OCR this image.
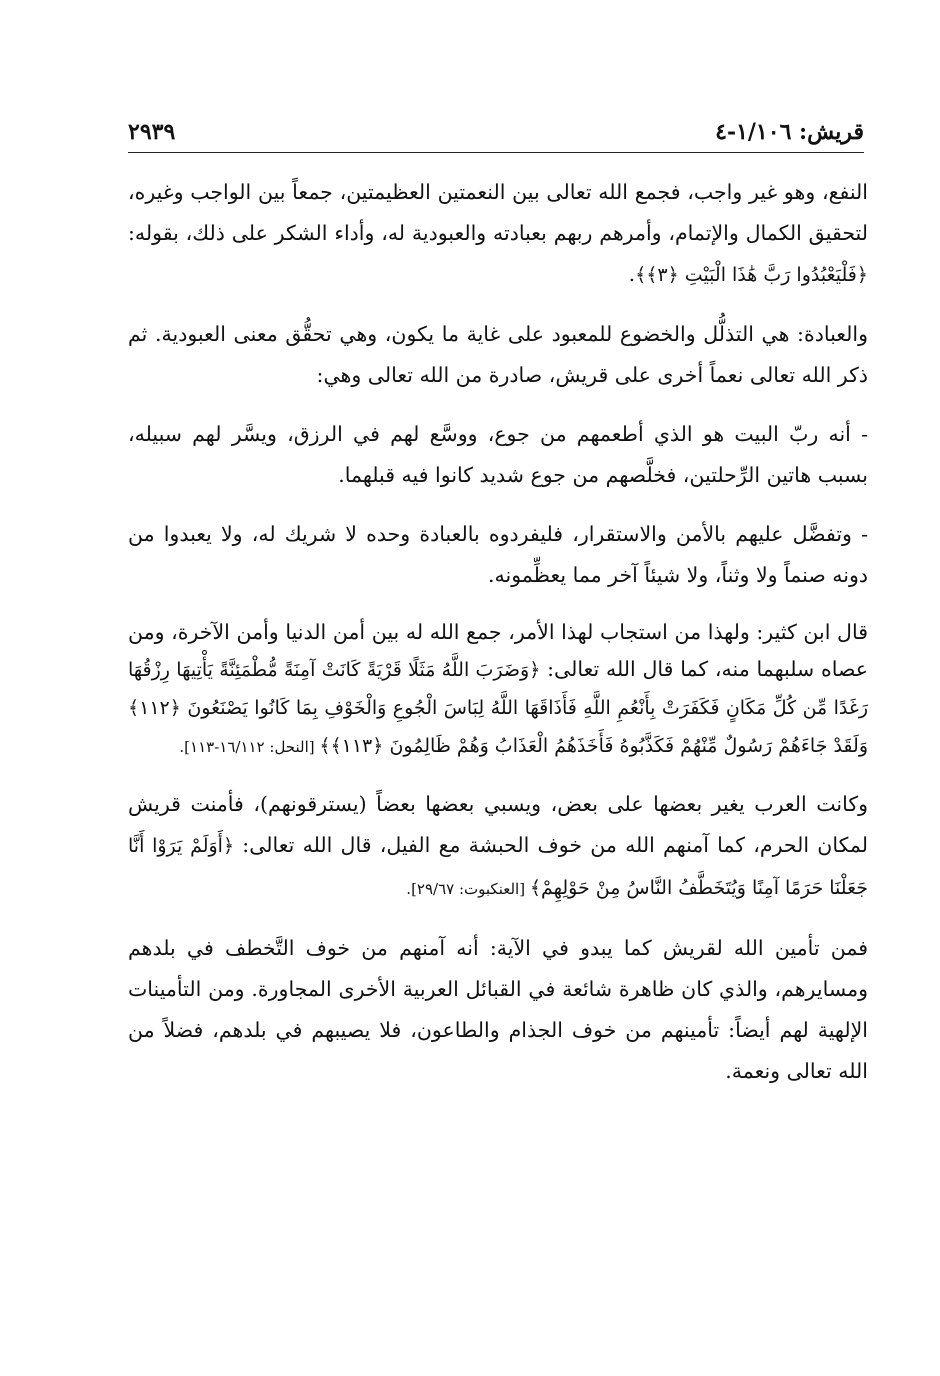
قريش: ١/١٠٦-٤
٢٩٣٩

النفع، وهو غير واجب، فجمع الله تعالى بين النعمتين العظيمتين، جمعاً بين الواجب وغيره، لتحقيق الكمال والإتمام، وأمرهم ربهم بعبادته والعبودية له، وأداء الشكر على ذلك، بقوله: ﴿فَلْيَعْبُدُوا رَبَّ هَٰذَا الْبَيْتِ ﴿٣﴾﴾.

والعبادة: هي التذلُّل والخضوع للمعبود على غاية ما يكون، وهي تحقُّق معنى العبودية. ثم ذكر الله تعالى نعماً أخرى على قريش، صادرة من الله تعالى وهي:

- أنه ربّ البيت هو الذي أطعمهم من جوع، ووسَّع لهم في الرزق، ويسَّر لهم سبيله، بسبب هاتين الرِّحلتين، فخلَّصهم من جوع شديد كانوا فيه قبلهما.

- وتفضَّل عليهم بالأمن والاستقرار، فليفردوه بالعبادة وحده لا شريك له، ولا يعبدوا من دونه صنماً ولا وثناً، ولا شيئاً آخر مما يعظِّمونه.

قال ابن كثير: ولهذا من استجاب لهذا الأمر، جمع الله له بين أمن الدنيا وأمن الآخرة، ومن عصاه سلبهما منه، كما قال الله تعالى: ﴿وَضَرَبَ اللَّهُ مَثَلًا قَرْيَةً كَانَتْ آمِنَةً مُّطْمَئِنَّةً يَأْتِيهَا رِزْقُهَا رَغَدًا مِّن كُلِّ مَكَانٍ فَكَفَرَتْ بِأَنْعُمِ اللَّهِ فَأَذَاقَهَا اللَّهُ لِبَاسَ الْجُوعِ وَالْخَوْفِ بِمَا كَانُوا يَصْنَعُونَ ﴿١١٢﴾ وَلَقَدْ جَاءَهُمْ رَسُولٌ مِّنْهُمْ فَكَذَّبُوهُ فَأَخَذَهُمُ الْعَذَابُ وَهُمْ ظَالِمُونَ ﴿١١٣﴾﴾ [النحل: ١٦/١١٢-١١٣].

وكانت العرب يغير بعضها على بعض، ويسبي بعضها بعضاً (يسترقونهم)، فأمنت قريش لمكان الحرم، كما آمنهم الله من خوف الحبشة مع الفيل، قال الله تعالى: ﴿أَوَلَمْ يَرَوْا أَنَّا جَعَلْنَا حَرَمًا آمِنًا وَيُتَخَطَّفُ النَّاسُ مِنْ حَوْلِهِمْ﴾ [العنكبوت: ٢٩/٦٧].

فمن تأمين الله لقريش كما يبدو في الآية: أنه آمنهم من خوف التَّخطف في بلدهم ومسايرهم، والذي كان ظاهرة شائعة في القبائل العربية الأخرى المجاورة. ومن التأمينات الإلهية لهم أيضاً: تأمينهم من خوف الجذام والطاعون، فلا يصيبهم في بلدهم، فضلاً من الله تعالى ونعمة.
